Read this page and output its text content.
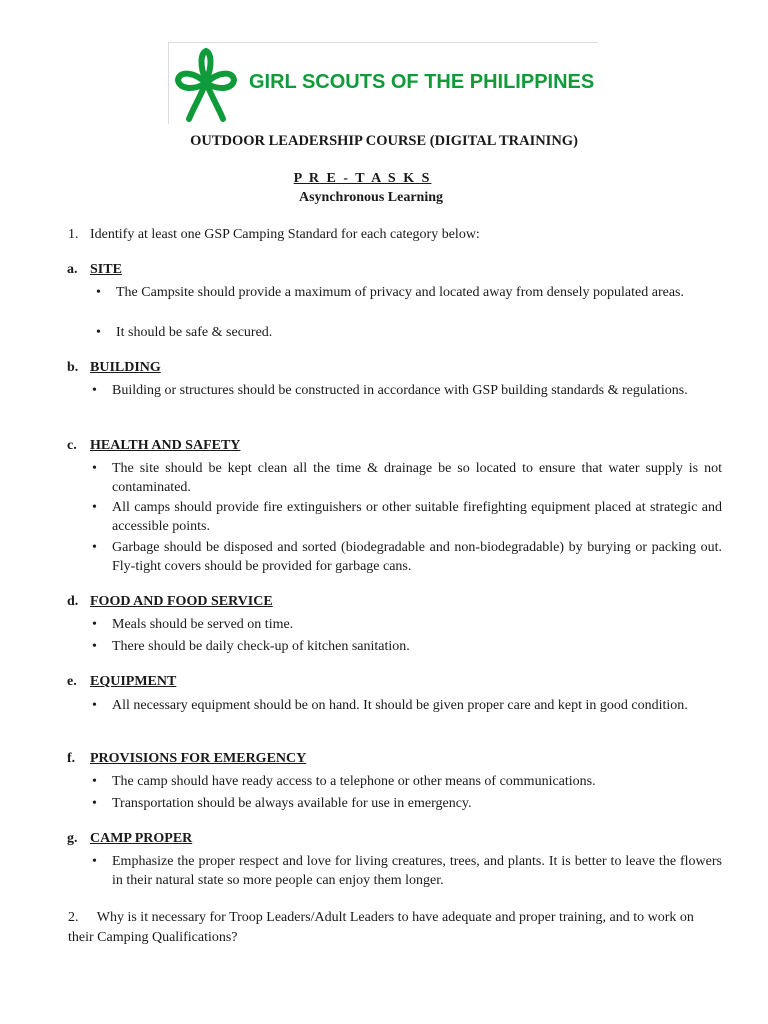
GIRL SCOUTS OF THE PHILIPPINES
OUTDOOR LEADERSHIP COURSE (DIGITAL TRAINING)
P R E - T A S K S
Asynchronous Learning
1. Identify at least one GSP Camping Standard for each category below:
a. SITE
• The Campsite should provide a maximum of privacy and located away from densely populated areas.
• It should be safe & secured.
b. BUILDING
• Building or structures should be constructed in accordance with GSP building standards & regulations.
c. HEALTH AND SAFETY
• The site should be kept clean all the time & drainage be so located to ensure that water supply is not contaminated.
• All camps should provide fire extinguishers or other suitable firefighting equipment placed at strategic and accessible points.
• Garbage should be disposed and sorted (biodegradable and non-biodegradable) by burying or packing out. Fly-tight covers should be provided for garbage cans.
d. FOOD AND FOOD SERVICE
• Meals should be served on time.
• There should be daily check-up of kitchen sanitation.
e. EQUIPMENT
• All necessary equipment should be on hand. It should be given proper care and kept in good condition.
f. PROVISIONS FOR EMERGENCY
• The camp should have ready access to a telephone or other means of communications.
• Transportation should be always available for use in emergency.
g. CAMP PROPER
• Emphasize the proper respect and love for living creatures, trees, and plants. It is better to leave the flowers in their natural state so more people can enjoy them longer.
2. Why is it necessary for Troop Leaders/Adult Leaders to have adequate and proper training, and to work on their Camping Qualifications?
